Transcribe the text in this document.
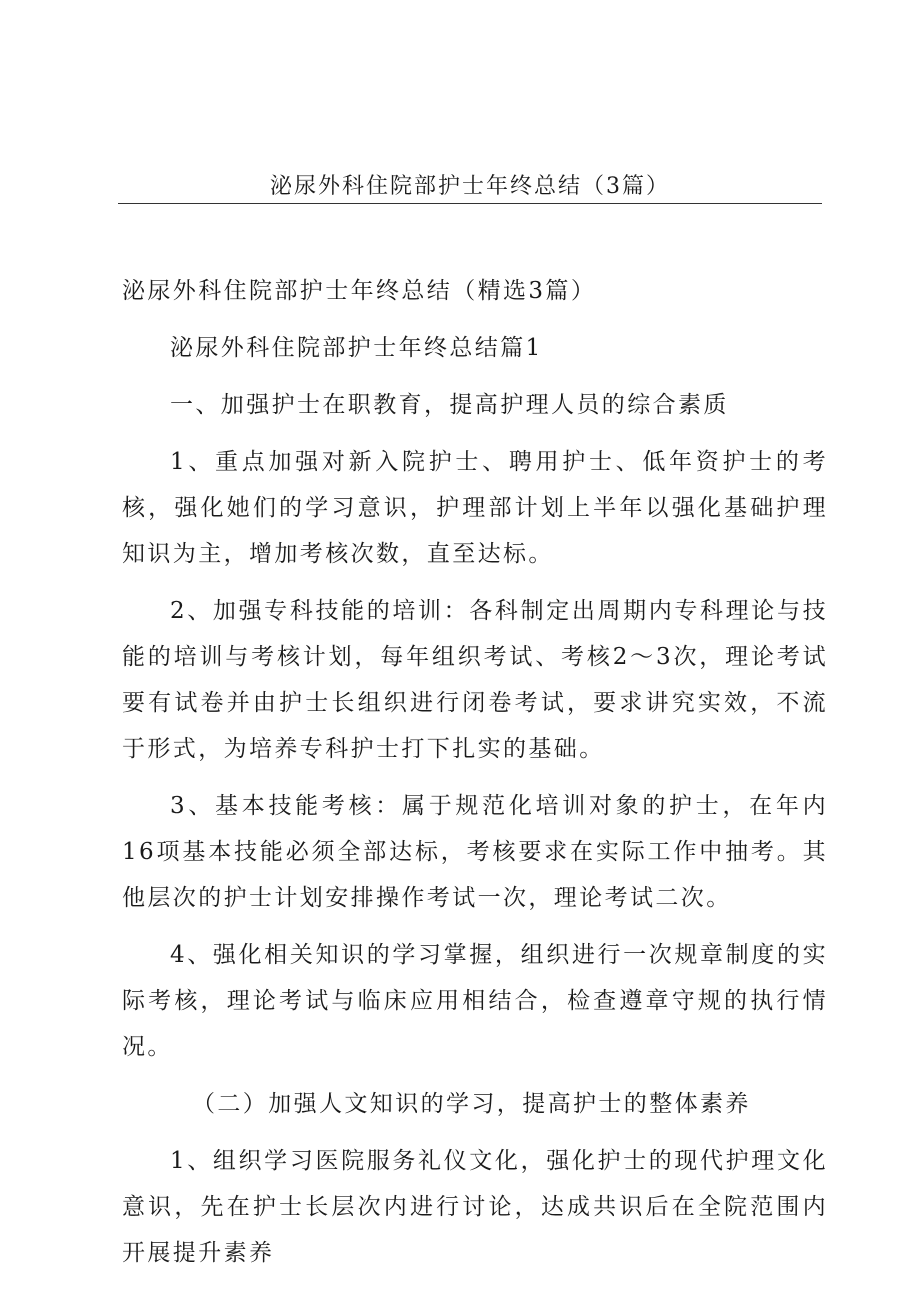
泌尿外科住院部护士年终总结（3篇）

泌尿外科住院部护士年终总结（精选3篇）

泌尿外科住院部护士年终总结篇1

一、加强护士在职教育，提高护理人员的综合素质

1、重点加强对新入院护士、聘用护士、低年资护士的考核，强化她们的学习意识，护理部计划上半年以强化基础护理知识为主，增加考核次数，直至达标。

2、加强专科技能的培训：各科制定出周期内专科理论与技能的培训与考核计划，每年组织考试、考核2～3次，理论考试要有试卷并由护士长组织进行闭卷考试，要求讲究实效，不流于形式，为培养专科护士打下扎实的基础。

3、基本技能考核：属于规范化培训对象的护士，在年内16项基本技能必须全部达标，考核要求在实际工作中抽考。其他层次的护士计划安排操作考试一次，理论考试二次。

4、强化相关知识的学习掌握，组织进行一次规章制度的实际考核，理论考试与临床应用相结合，检查遵章守规的执行情况。

（二）加强人文知识的学习，提高护士的整体素养

1、组织学习医院服务礼仪文化，强化护士的现代护理文化意识，先在护士长层次内进行讨论，达成共识后在全院范围内开展提升素养
